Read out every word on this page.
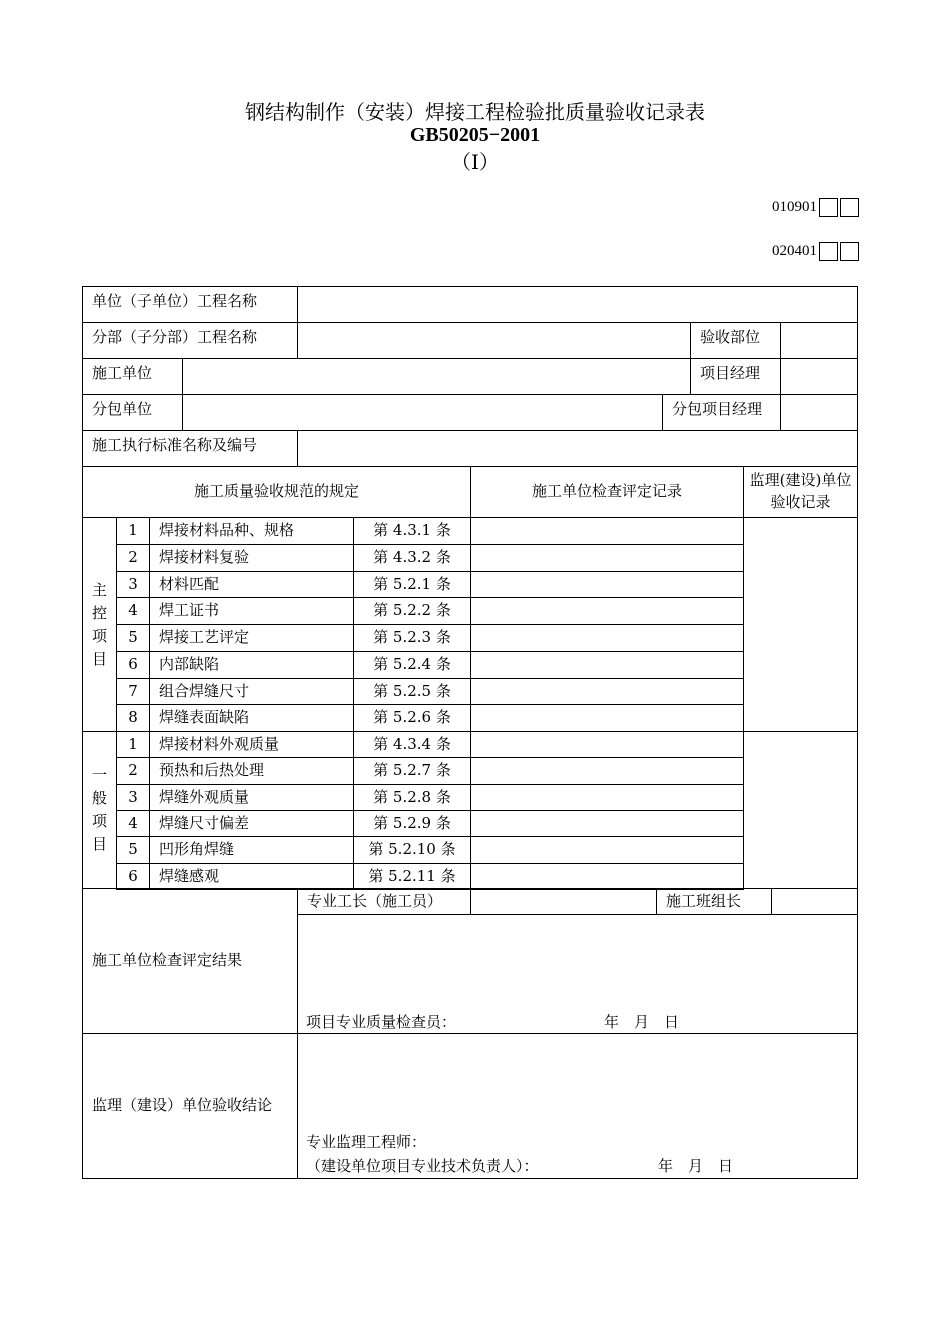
钢结构制作（安装）焊接工程检验批质量验收记录表
GB50205−2001
（Ⅰ）
010901
020401
单位（子单位）工程名称
分部（子分部）工程名称	验收部位
施工单位	项目经理
分包单位	分包项目经理
施工执行标准名称及编号
施工质量验收规范的规定	施工单位检查评定记录
监理(建设)单位验收记录
主
控
项
目
1	焊接材料品种、规格	第 4.3.1 条
2	焊接材料复验	第 4.3.2 条
3	材料匹配	第 5.2.1 条
4	焊工证书	第 5.2.2 条
5	焊接工艺评定	第 5.2.3 条
6	内部缺陷	第 5.2.4 条
7	组合焊缝尺寸	第 5.2.5 条
8	焊缝表面缺陷	第 5.2.6 条
一
般
项
目
1	焊接材料外观质量	第 4.3.4 条
2	预热和后热处理	第 5.2.7 条
3	焊缝外观质量	第 5.2.8 条
4	焊缝尺寸偏差	第 5.2.9 条
5	凹形角焊缝	第 5.2.10 条
6	焊缝感观	第 5.2.11 条
施工单位检查评定结果
专业工长（施工员）	施工班组长
项目专业质量检查员：	年　月　日
监理（建设）单位验收结论
专业监理工程师：
（建设单位项目专业技术负责人）：	年　月　日
